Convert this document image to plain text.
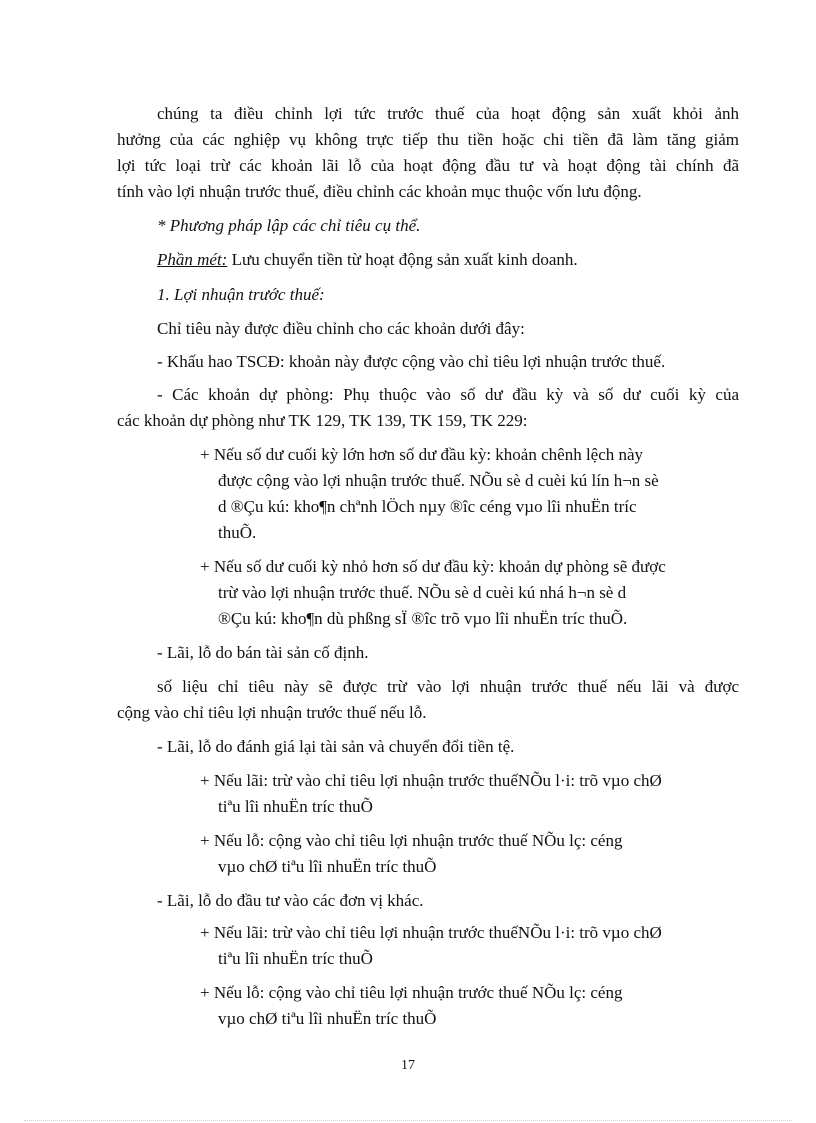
chúng ta điều chỉnh lợi tức trước thuế của hoạt động sản xuất khỏi ảnh
hưởng của các nghiệp vụ không trực tiếp thu tiền hoặc chi tiền đã làm tăng giảm
lợi tức loại trừ các khoản lãi lỗ của hoạt động đầu tư và hoạt động tài chính đã
tính vào lợi nhuận trước thuế, điều chỉnh các khoản mục thuộc vốn lưu động.
* Phương pháp lập các chỉ tiêu cụ thể.
Phần mét: Lưu chuyển tiền từ hoạt động sản xuất kinh doanh.
1. Lợi nhuận trước thuế:
Chỉ tiêu này được điều chỉnh cho các khoản dưới đây:
- Khấu hao TSCĐ: khoản này được cộng vào chỉ tiêu lợi nhuận trước thuế.
- Các khoản dự phòng: Phụ thuộc vào số dư đầu kỳ và số dư cuối kỳ của
các khoản dự phòng như TK 129, TK 139, TK 159, TK 229:
+ Nếu số dư cuối kỳ lớn hơn số dư đầu kỳ: khoản chênh lệch này
được cộng vào lợi nhuận trước thuế. NÕu sè d cuèi kú lín h¬n sè
d ®Çu kú: kho¶n chªnh lÖch nµy ®îc céng vµo lîi nhuËn tríc
thuÕ.
+ Nếu số dư cuối kỳ nhỏ hơn số dư đầu kỳ: khoản dự phòng sẽ được
trừ vào lợi nhuận trước thuế. NÕu sè d cuèi kú nhá h¬n sè d
®Çu kú: kho¶n dù phßng sÏ ®îc trõ vµo lîi nhuËn tríc thuÕ.
- Lãi, lỗ do bán tài sản cố định.
số liệu chỉ tiêu này sẽ được trừ vào lợi nhuận trước thuế nếu lãi và được
cộng vào chỉ tiêu lợi nhuận trước thuế nếu lỗ.
- Lãi, lỗ do đánh giá lại tài sản và chuyển đổi tiền tệ.
+ Nếu lãi: trừ vào chỉ tiêu lợi nhuận trước thuếNÕu l·i: trõ vµo chØ
tiªu lîi nhuËn tríc thuÕ
+ Nếu lỗ: cộng vào chỉ tiêu lợi nhuận trước thuế NÕu lç: céng
vµo chØ tiªu lîi nhuËn tríc thuÕ
- Lãi, lỗ do đầu tư vào các đơn vị khác.
+ Nếu lãi: trừ vào chỉ tiêu lợi nhuận trước thuếNÕu l·i: trõ vµo chØ
tiªu lîi nhuËn tríc thuÕ
+ Nếu lỗ: cộng vào chỉ tiêu lợi nhuận trước thuế NÕu lç: céng
vµo chØ tiªu lîi nhuËn tríc thuÕ
17
